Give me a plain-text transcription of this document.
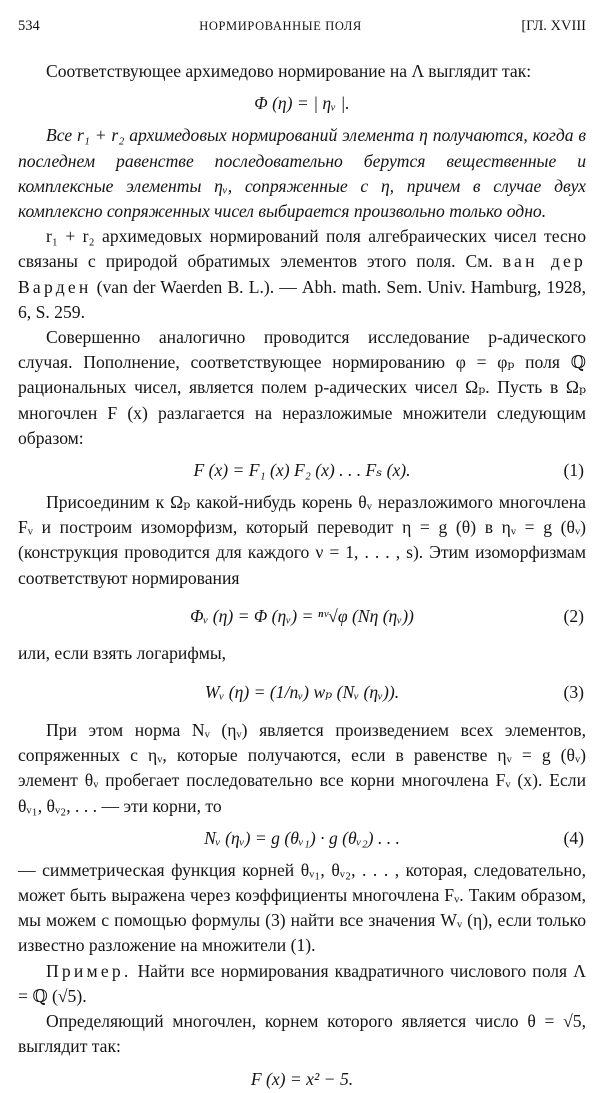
534	НОРМИРОВАННЫЕ ПОЛЯ	[ГЛ. XVIII

Соответствующее архимедово нормирование на Λ выглядит так:

Φ (η) = | ηᵥ |.

Все r₁ + r₂ архимедовых нормирований элемента η получаются, когда в последнем равенстве последовательно берутся вещественные и комплексные элементы ηᵥ, сопряженные с η, причем в случае двух комплексно сопряженных чисел выбирается произвольно только одно.

r₁ + r₂ архимедовых нормирований поля алгебраических чисел тесно связаны с природой обратимых элементов этого поля. См. ван дер Варден (van der Waerden B. L.). — Abh. math. Sem. Univ. Hamburg, 1928, 6, S. 259.

Совершенно аналогично проводится исследование p-адического случая. Пополнение, соответствующее нормированию φ = φₚ поля ℚ рациональных чисел, является полем p-адических чисел Ωₚ. Пусть в Ωₚ многочлен F (x) разлагается на неразложимые множители следующим образом:

F (x) = F₁ (x) F₂ (x) . . . Fₛ (x).	(1)

Присоединим к Ωₚ какой-нибудь корень θᵥ неразложимого многочлена Fᵥ и построим изоморфизм, который переводит η = g (θ) в ηᵥ = g (θᵥ) (конструкция проводится для каждого ν = 1, . . . , s). Этим изоморфизмам соответствуют нормирования

Φᵥ (η) = Φ (ηᵥ) = ⁿᵛ√φ (Nη (ηᵥ))	(2)

или, если взять логарифмы,

Wᵥ (η) = (1/nᵥ) wₚ (Nᵥ (ηᵥ)).	(3)

При этом норма Nᵥ (ηᵥ) является произведением всех элементов, сопряженных с ηᵥ, которые получаются, если в равенстве ηᵥ = g (θᵥ) элемент θᵥ пробегает последовательно все корни многочлена Fᵥ (x). Если θᵥ₁, θᵥ₂, . . . — эти корни, то

Nᵥ (ηᵥ) = g (θᵥ₁) · g (θᵥ₂) . . .	(4)

— симметрическая функция корней θᵥ₁, θᵥ₂, . . . , которая, следовательно, может быть выражена через коэффициенты многочлена Fᵥ. Таким образом, мы можем с помощью формулы (3) найти все значения Wᵥ (η), если только известно разложение на множители (1).

Пример. Найти все нормирования квадратичного числового поля Λ = ℚ (√5).

Определяющий многочлен, корнем которого является число θ = √5, выглядит так:

F (x) = x² − 5.
